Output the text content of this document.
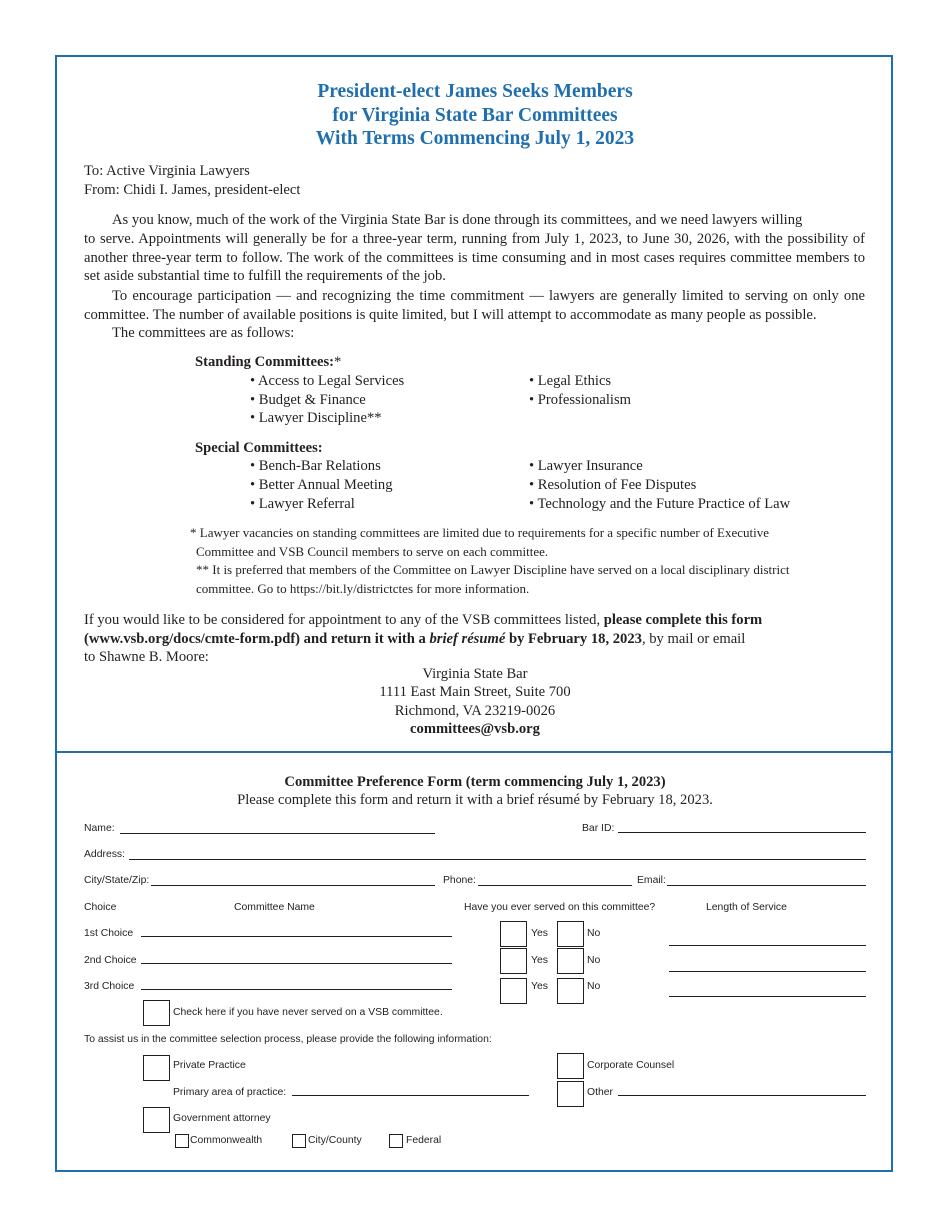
President-elect James Seeks Members
for Virginia State Bar Committees
With Terms Commencing July 1, 2023
To: Active Virginia Lawyers
From: Chidi I. James, president-elect
As you know, much of the work of the Virginia State Bar is done through its committees, and we need lawyers willing
to serve. Appointments will generally be for a three-year term, running from July 1, 2023, to June 30, 2026, with the possibility of another three-year term to follow. The work of the committees is time consuming and in most cases requires committee members to set aside substantial time to fulfill the requirements of the job.
To encourage participation — and recognizing the time commitment — lawyers are generally limited to serving on only one committee. The number of available positions is quite limited, but I will attempt to accommodate as many people as possible.
The committees are as follows:
Standing Committees:*
• Access to Legal Services
• Budget & Finance
• Lawyer Discipline**
• Legal Ethics
• Professionalism
Special Committees:
• Bench-Bar Relations
• Better Annual Meeting
• Lawyer Referral
• Lawyer Insurance
• Resolution of Fee Disputes
• Technology and the Future Practice of Law
* Lawyer vacancies on standing committees are limited due to requirements for a specific number of Executive
Committee and VSB Council members to serve on each committee.
** It is preferred that members of the Committee on Lawyer Discipline have served on a local disciplinary district
committee. Go to https://bit.ly/districtctes for more information.
If you would like to be considered for appointment to any of the VSB committees listed, please complete this form
(www.vsb.org/docs/cmte-form.pdf) and return it with a brief résumé by February 18, 2023, by mail or email
to Shawne B. Moore:
Virginia State Bar
1111 East Main Street, Suite 700
Richmond, VA 23219-0026
committees@vsb.org
Committee Preference Form (term commencing July 1, 2023)
Please complete this form and return it with a brief résumé by February 18, 2023.
Name:	Bar ID:
Address:
City/State/Zip:	Phone:	Email:
Choice	Committee Name	Have you ever served on this committee?	Length of Service
1st Choice	Yes	No
2nd Choice	Yes	No
3rd Choice	Yes	No
Check here if you have never served on a VSB committee.
To assist us in the committee selection process, please provide the following information:
Private Practice
Primary area of practice:
Corporate Counsel
Other
Government attorney
Commonwealth	City/County	Federal
